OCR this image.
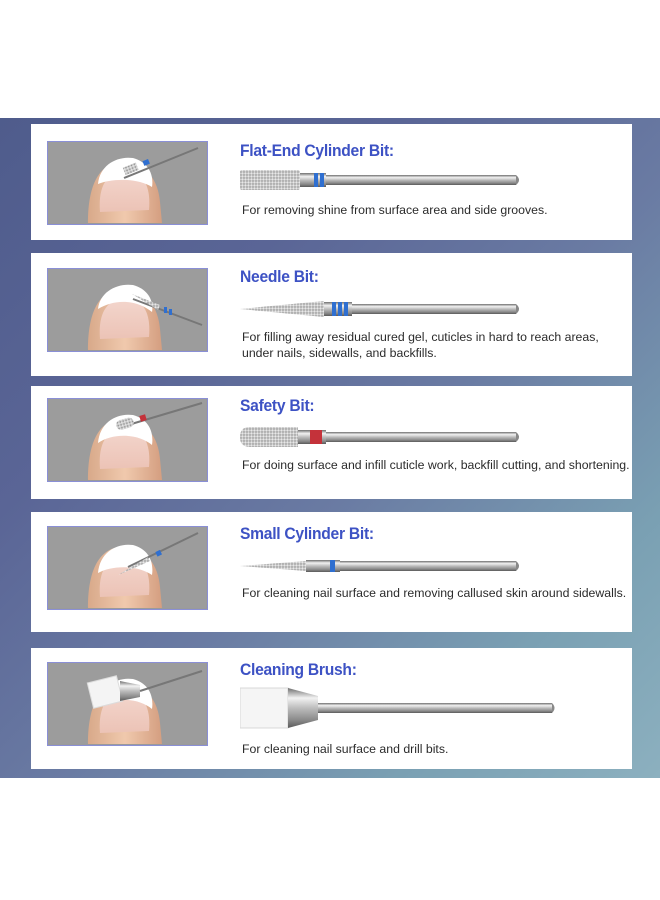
Flat-End Cylinder Bit:
For removing shine from surface area and side grooves.
Needle Bit:
For filling away residual cured gel, cuticles in hard to reach areas, under nails, sidewalls, and backfills.
Safety Bit:
For doing surface and infill cuticle work, backfill cutting, and shortening.
Small Cylinder Bit:
For cleaning nail surface and removing callused skin around sidewalls.
Cleaning Brush:
For cleaning nail surface and drill bits.
